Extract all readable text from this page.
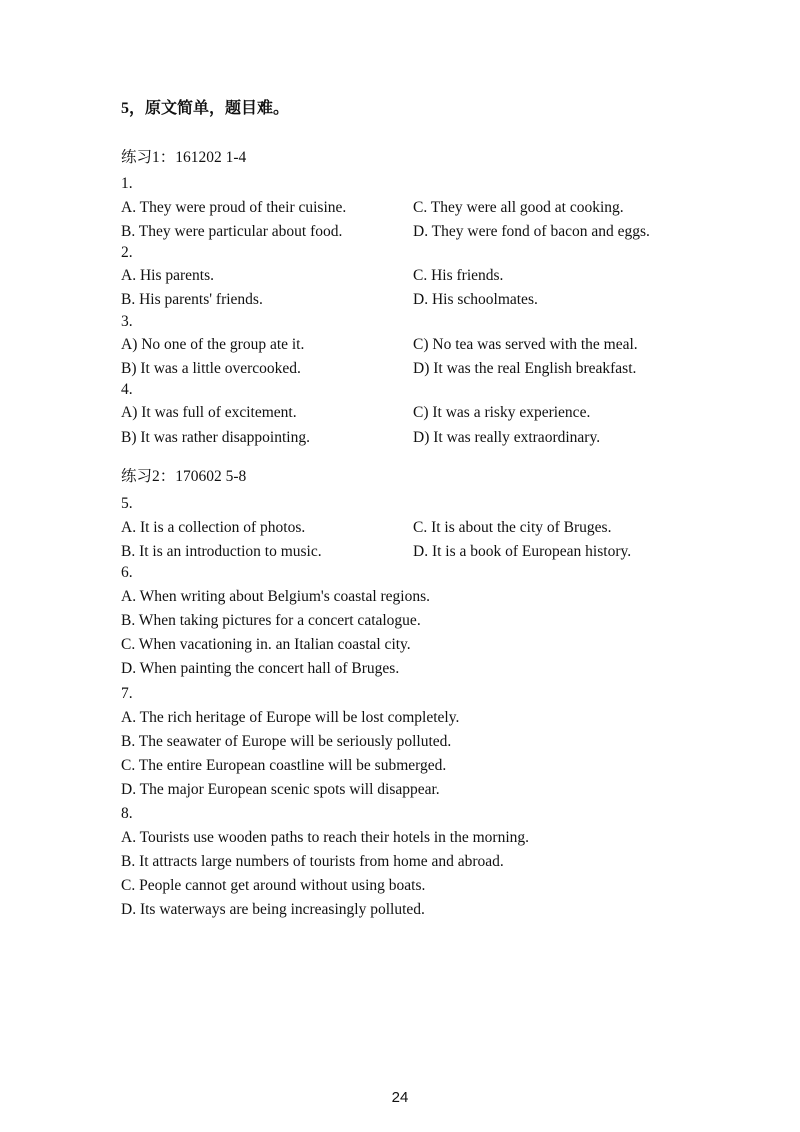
5，原文简单，题目难。
练习1：161202 1-4
1.
A. They were proud of their cuisine.	C. They were all good at cooking.
B. They were particular about food.	D. They were fond of bacon and eggs.
2.
A. His parents.	C. His friends.
B. His parents' friends.	D. His schoolmates.
3.
A) No one of the group ate it.	C) No tea was served with the meal.
B) It was a little overcooked.	D) It was the real English breakfast.
4.
A) It was full of excitement.	C) It was a risky experience.
B) It was rather disappointing.	D) It was really extraordinary.
练习2：170602 5-8
5.
A. It is a collection of photos.	C. It is about the city of Bruges.
B. It is an introduction to music.	D. It is a book of European history.
6.
A. When writing about Belgium's coastal regions.
B. When taking pictures for a concert catalogue.
C. When vacationing in. an Italian coastal city.
D. When painting the concert hall of Bruges.
7.
A. The rich heritage of Europe will be lost completely.
B. The seawater of Europe will be seriously polluted.
C. The entire European coastline will be submerged.
D. The major European scenic spots will disappear.
8.
A. Tourists use wooden paths to reach their hotels in the morning.
B. It attracts large numbers of tourists from home and abroad.
C. People cannot get around without using boats.
D. Its waterways are being increasingly polluted.
24
